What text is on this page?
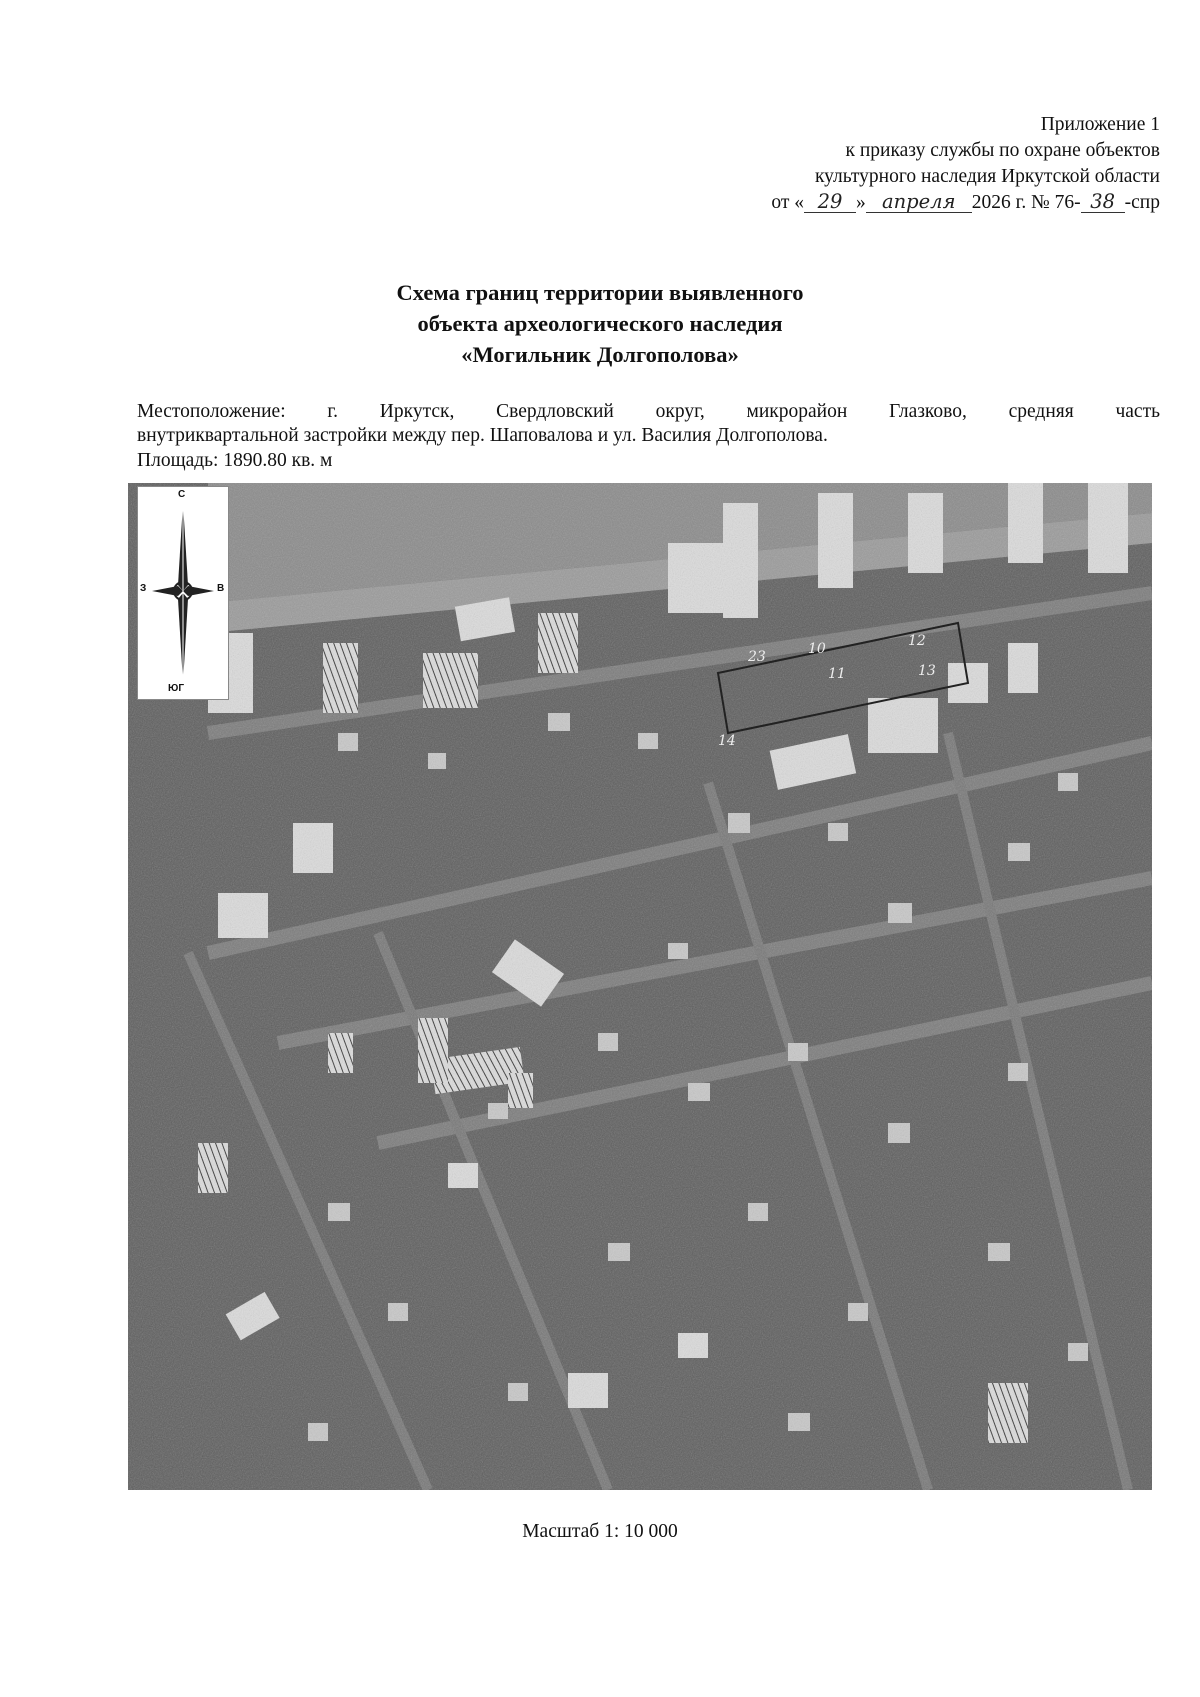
Приложение 1
к приказу службы по охране объектов
культурного наследия Иркутской области
от « 29 » апреля 2026 г. № 76- 38 -спр
Схема границ территории выявленного
объекта археологического наследия
«Могильник Долгополова»
Местоположение: г. Иркутск, Свердловский округ, микрорайон Глазково, средняя часть
внутриквартальной застройки между пер. Шаповалова и ул. Василия Долгополова.
Площадь: 1890.80 кв. м
23	10	12
11	13
14
С
З	В
ЮГ
Масштаб 1: 10 000
